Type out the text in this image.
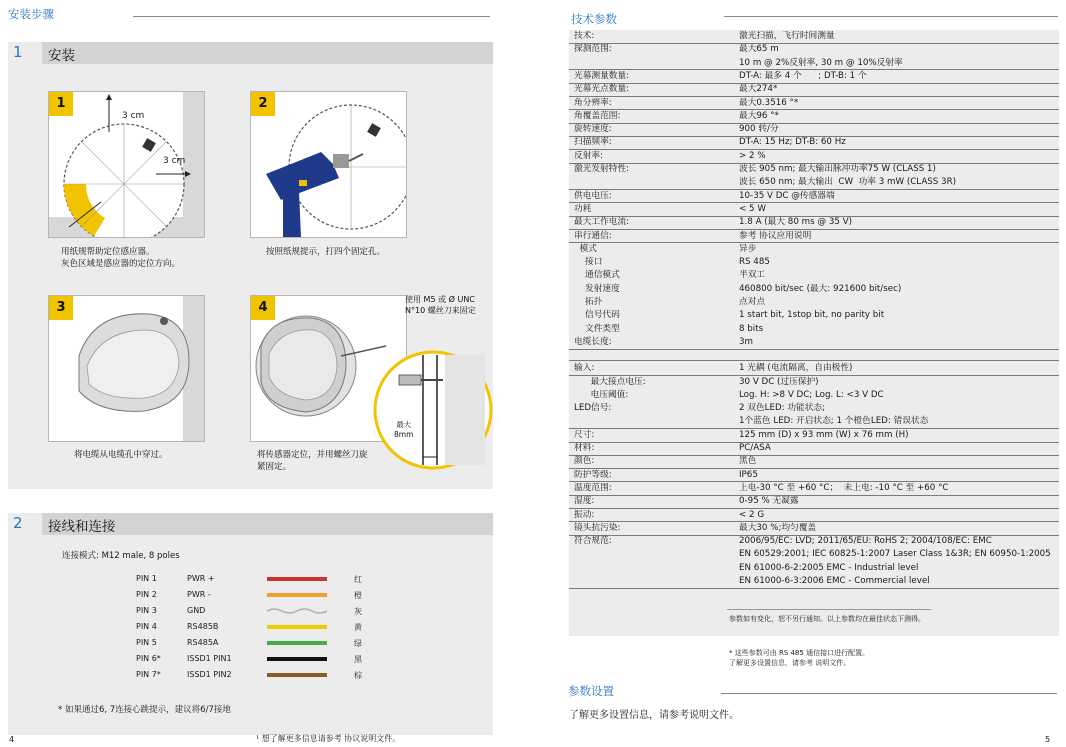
安装步骤
1 安装
1
3 cm
3 cm
用纸规帮助定位感应器。
灰色区域是感应器的定位方向。
2
按照纸规提示，打四个固定孔。
3
将电缆从电缆孔中穿过。
4
将传感器定位，并用螺丝刀旋
紧固定。
使用 M5 或 Ø UNC
N°10 螺丝刀来固定
最大
8mm
2 接线和连接
连接模式: M12 male, 8 poles
PIN 1	PWR +	红
PIN 2	PWR -	橙
PIN 3	GND	灰
PIN 4	RS485B	黄
PIN 5	RS485A	绿
PIN 6*	ISSD1 PIN1	黑
PIN 7*	ISSD1 PIN2	棕
* 如果通过6, 7连接心跳提示，建议将6/7接地
4	¹ 想了解更多信息请参考 协议说明文件。
技术参数
技术:	激光扫描，飞行时间测量
探测范围:	最大65 m
10 m @ 2%反射率, 30 m @ 10%反射率
光幕测量数量:	DT-A: 最多 4 个      ; DT-B: 1 个
光幕光点数量:	最大274*
角分辨率:	最大0.3516 °*
角覆盖范围:	最大96 °*
旋转速度:	900 转/分
扫描频率:	DT-A: 15 Hz; DT-B: 60 Hz
反射率:	> 2 %
激光发射特性:	波长 905 nm; 最大输出脉冲功率75 W (CLASS 1)
波长 650 nm; 最大输出  CW  功率 3 mW (CLASS 3R)
供电电压:	10-35 V DC @传感器端
功耗	< 5 W
最大工作电流:	1.8 A (最大 80 ms @ 35 V)
串行通信:	参考 协议应用说明
模式	异步
接口	RS 485
通信模式	半双工
发射速度	460800 bit/sec (最大: 921600 bit/sec)
拓扑	点对点
信号代码	1 start bit, 1stop bit, no parity bit
文件类型	8 bits
电缆长度:	3m
输入:	1 光耦 (电流隔离，自由极性)
最大接点电压:	30 V DC (过压保护)
电压阈值:	Log. H: >8 V DC; Log. L: <3 V DC
LED信号:	2 双色LED: 功能状态;
1个蓝色 LED: 开启状态; 1 个橙色LED: 错误状态
尺寸:	125 mm (D) x 93 mm (W) x 76 mm (H)
材料:	PC/ASA
颜色:	黑色
防护等级:	IP65
温度范围:	上电-30 °C 至 +60 °C；  未上电: -10 °C 至 +60 °C
湿度:	0-95 % 无凝露
振动:	< 2 G
镜头抗污染:	最大30 %;均匀覆盖
符合规范:	2006/95/EC: LVD; 2011/65/EU: RoHS 2; 2004/108/EC: EMC
EN 60529:2001; IEC 60825-1:2007 Laser Class 1&3R; EN 60950-1:2005
EN 61000-6-2:2005 EMC - Industrial level
EN 61000-6-3:2006 EMC - Commercial level
参数如有变化，恕不另行通知。以上参数均在最佳状态下测得。
* 这些参数可由 RS 485 通信接口进行配置。
了解更多设置信息，请参考 说明文件。
参数设置
了解更多设置信息，请参考说明文件。
5
